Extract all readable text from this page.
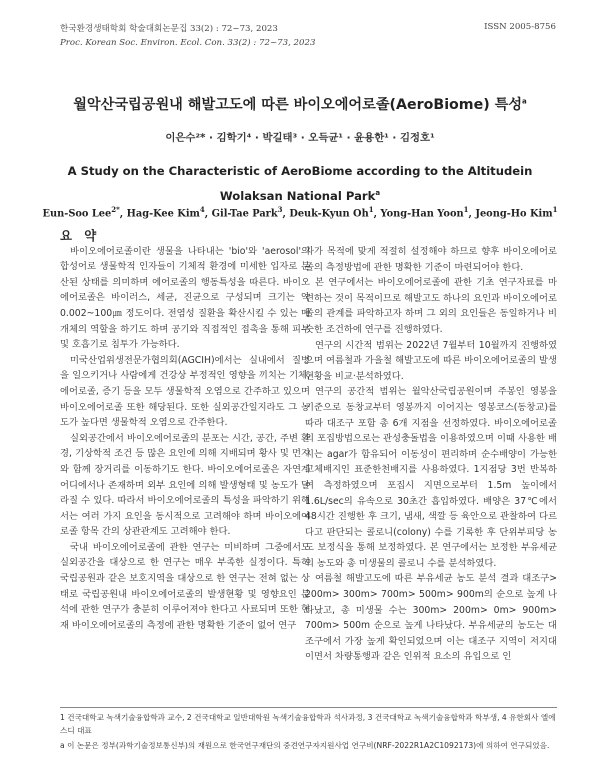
한국환경생태학회 학술대회논문집 33(2) : 72~73, 2023
Proc. Korean Soc. Environ. Ecol. Con. 33(2) : 72~73, 2023
ISSN 2005-8756
월악산국립공원내 해발고도에 따른 바이오에어로졸(AeroBiome) 특성$^a$
이은수²* · 김학기⁴ · 박길태³ · 오득균¹ · 윤용한¹ · 김정호¹
A Study on the Characteristic of AeroBiome according to the Altitudein
Wolaksan National Park$^a$
Eun-Soo Lee$^{2*}$, Hag-Kee Kim$^4$, Gil-Tae Park$^3$, Deuk-Kyun Oh$^1$, Yong-Han Yoon$^1$, Jeong-Ho Kim$^1$

요 약

바이오에어로졸이란 생물을 나타내는 'bio'와 'aerosol'의 합성어로 생물학적 인자들이 기체적 환경에 미세한 입자로 분산된 상태를 의미하며 에어로졸의 행동특성을 따른다. 바이오에어로졸은 바이러스, 세균, 진균으로 구성되며 크기는 약 0.002~100㎛ 정도이다. 전염성 질환을 확산시킬 수 있는 매개체의 역할을 하기도 하며 공기와 직접적인 접촉을 통해 피부 및 호흡기로 침투가 가능하다.

미국산업위생전문가협의회(AGCIH)에서는 실내에서 질병을 일으키거나 사람에게 건강상 부정적인 영향을 끼치는 기체, 에어로졸, 증기 등을 모두 생물학적 오염으로 간주하고 있으며 바이오에어로졸 또한 해당된다. 또한 실외공간일지라도 그 농도가 높다면 생물학적 오염으로 간주한다.

실외공간에서 바이오에어로졸의 분포는 시간, 공간, 주변 환경, 기상학적 조건 등 많은 요인에 의해 지배되며 황사 및 먼지와 함께 장거리를 이동하기도 한다. 바이오에어로졸은 자연계 어디에서나 존재하며 외부 요인에 의해 발생형태 및 농도가 달라질 수 있다. 따라서 바이오에어로졸의 특성을 파악하기 위해서는 여러 가지 요인을 동시적으로 고려해야 하며 바이오에어로졸 항목 간의 상관관계도 고려해야 한다.

국내 바이오에어로졸에 관한 연구는 미비하며 그중에서도 실외공간을 대상으로 한 연구는 매우 부족한 실정이다. 특히 국립공원과 같은 보호지역을 대상으로 한 연구는 전혀 없는 상태로 국립공원내 바이오에어로졸의 발생현황 및 영향요인 분석에 관한 연구가 충분히 이루어져야 한다고 사료되며 또한 현재 바이오에어로졸의 측정에 관한 명확한 기준이 없어 연구

자가 목적에 맞게 적절히 설정해야 하므로 향후 바이오에어로졸의 측정방법에 관한 명확한 기준이 마련되어야 한다.

본 연구에서는 바이오에어로졸에 관한 기초 연구자료를 마련하는 것이 목적이므로 해발고도 하나의 요인과 바이오에어로졸의 관계를 파악하고자 하며 그 외의 요인들은 동일하거나 비슷한 조건하에 연구를 진행하였다.

연구의 시간적 범위는 2022년 7월부터 10월까지 진행하였으며 여름철과 가을철 해발고도에 따른 바이오에어로졸의 발생현황을 비교·분석하였다.

연구의 공간적 범위는 월악산국립공원이며 주봉인 영봉을 기준으로 동창교부터 영봉까지 이어지는 영봉코스(동창교)를 따라 대조구 포함 총 6개 지점을 선정하였다. 바이오에어로졸의 포집방법으로는 관성충돌법을 이용하였으며 이때 사용한 배지는 agar가 함유되어 이동성이 편리하며 순수배양이 가능한 고체배지인 표준한천배지를 사용하였다. 1지점당 3번 반복하여 측정하였으며 포집시 지면으로부터 1.5m 높이에서 1.6L/sec의 유속으로 30초간 흡입하였다. 배양은 37℃에서 48시간 진행한 후 크기, 냄새, 색깔 등 육안으로 관찰하여 다르다고 판단되는 콜로니(colony) 수를 기록한 후 단위부피당 농도 보정식을 통해 보정하였다. 본 연구에서는 보정한 부유세균의 농도와 총 미생물의 콜로니 수를 분석하였다.

여름철 해발고도에 따른 부유세균 농도 분석 결과 대조구> 200m> 300m> 700m> 500m> 900m의 순으로 높게 나타났고, 총 미생물 수는 300m> 200m> 0m> 900m> 700m> 500m 순으로 높게 나타났다. 부유세균의 농도는 대조구에서 가장 높게 확인되었으며 이는 대조구 지역이 저지대이면서 차량통행과 같은 인위적 요소의 유입으로 인

1 건국대학교 녹색기술융합학과 교수, 2 건국대학교 일반대학원 녹색기술융합학과 석사과정, 3 건국대학교 녹색기술융합학과 학부생, 4 유한회사 엘에스디 대표
a 이 논문은 정부(과학기술정보통신부)의 재원으로 한국연구재단의 중견연구자지원사업 연구비(NRF-2022R1A2C1092173)에 의하여 연구되었음.
